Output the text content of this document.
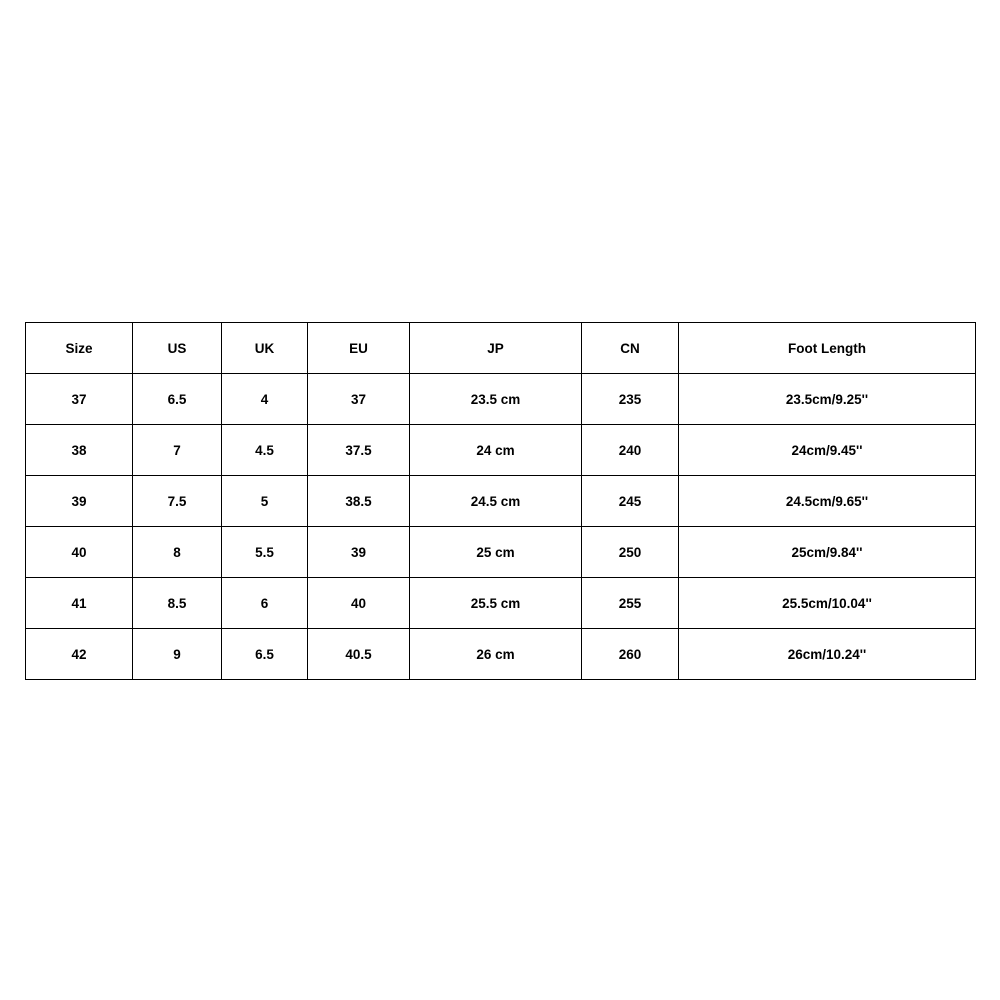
Size	US	UK	EU	JP	CN	Foot Length
37	6.5	4	37	23.5 cm	235	23.5cm/9.25''
38	7	4.5	37.5	24 cm	240	24cm/9.45''
39	7.5	5	38.5	24.5 cm	245	24.5cm/9.65''
40	8	5.5	39	25 cm	250	25cm/9.84''
41	8.5	6	40	25.5 cm	255	25.5cm/10.04''
42	9	6.5	40.5	26 cm	260	26cm/10.24''
